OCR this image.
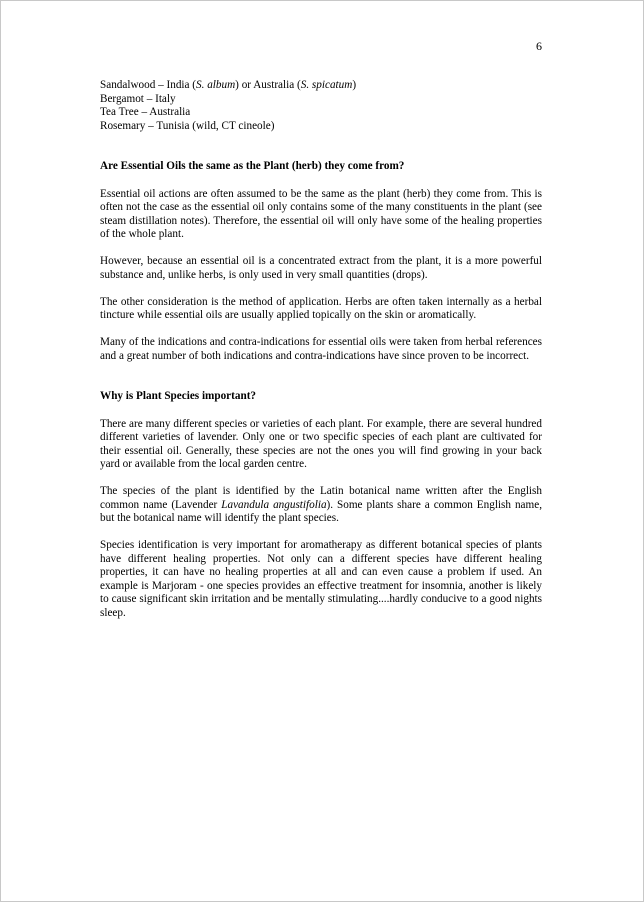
6
Sandalwood – India (S. album) or Australia (S. spicatum)
Bergamot – Italy
Tea Tree – Australia
Rosemary – Tunisia (wild, CT cineole)
Are Essential Oils the same as the Plant (herb) they come from?

Essential oil actions are often assumed to be the same as the plant (herb) they come from. This is often not the case as the essential oil only contains some of the many constituents in the plant (see steam distillation notes). Therefore, the essential oil will only have some of the healing properties of the whole plant.

However, because an essential oil is a concentrated extract from the plant, it is a more powerful substance and, unlike herbs, is only used in very small quantities (drops).

The other consideration is the method of application. Herbs are often taken internally as a herbal tincture while essential oils are usually applied topically on the skin or aromatically.

Many of the indications and contra-indications for essential oils were taken from herbal references and a great number of both indications and contra-indications have since proven to be incorrect.

Why is Plant Species important?

There are many different species or varieties of each plant. For example, there are several hundred different varieties of lavender. Only one or two specific species of each plant are cultivated for their essential oil. Generally, these species are not the ones you will find growing in your back yard or available from the local garden centre.

The species of the plant is identified by the Latin botanical name written after the English common name (Lavender Lavandula angustifolia). Some plants share a common English name, but the botanical name will identify the plant species.

Species identification is very important for aromatherapy as different botanical species of plants have different healing properties. Not only can a different species have different healing properties, it can have no healing properties at all and can even cause a problem if used. An example is Marjoram - one species provides an effective treatment for insomnia, another is likely to cause significant skin irritation and be mentally stimulating....hardly conducive to a good nights sleep.
